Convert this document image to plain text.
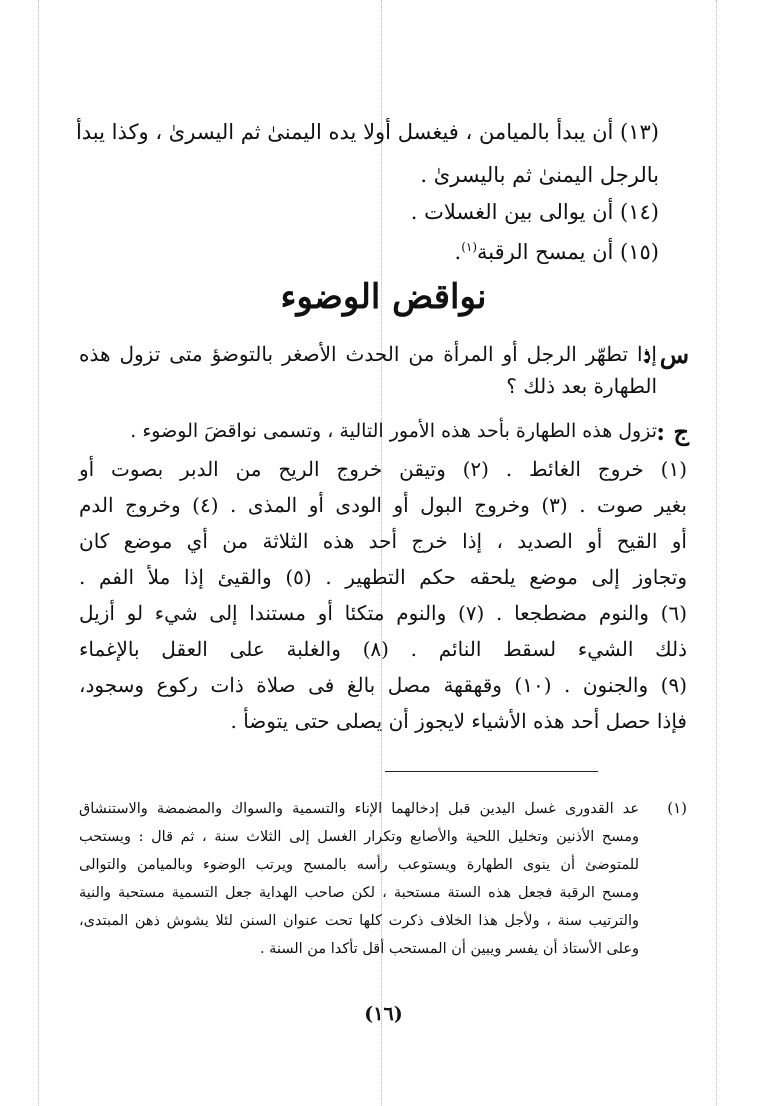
(١٣) أن يبدأ بالميامن ، فيغسل أولا يده اليمنىٰ ثم اليسرىٰ ، وكذا يبدأ
بالرجل اليمنىٰ ثم باليسرىٰ .
(١٤) أن يوالى بين الغسلات .
(١٥) أن يمسح الرقبة$^{(١)}$.
نواقض الوضوء
س :
إذا تطهّر الرجل أو المرأة من الحدث الأصغر بالتوضؤ متى تزول هذه
الطهارة بعد ذلك ؟
ج :
تزول هذه الطهارة بأحد هذه الأمور التالية ، وتسمى نواقضَ الوضوء .
(١) خروج الغائط . (٢) وتيقن خروج الريح من الدبر بصوت أو
بغير صوت . (٣) وخروج البول أو الودى أو المذى . (٤) وخروج الدم
أو القيح أو الصديد ، إذا خرج أحد هذه الثلاثة من أي موضع كان
وتجاوز إلى موضع يلحقه حكم التطهير . (٥) والقيئ إذا ملأ الفم .
(٦) والنوم مضطجعا . (٧) والنوم متكئا أو مستندا إلى شيء لو أزيل
ذلك الشيء لسقط النائم . (٨) والغلبة على العقل بالإغماء
(٩) والجنون . (١٠) وقهقهة مصل بالغ فى صلاة ذات ركوع وسجود،
فإذا حصل أحد هذه الأشياء لايجوز أن يصلى حتى يتوضأ .
(١)
عد القدورى غسل اليدين قبل إدخالهما الإناء والتسمية والسواك والمضمضة والاستنشاق
ومسح الأذنين وتخليل اللحية والأصابع وتكرار الغسل إلى الثلاث سنة ، ثم قال : ويستحب
للمتوضئ أن ينوى الطهارة ويستوعب رأسه بالمسح ويرتب الوضوء وبالميامن والتوالى
ومسح الرقبة فجعل هذه الستة مستحبة ، لكن صاحب الهداية جعل التسمية مستحبة والنية
والترتيب سنة ، ولأجل هذا الخلاف ذكرت كلها تحت عنوان السنن لئلا يشوش ذهن المبتدى،
وعلى الأستاذ أن يفسر ويبين أن المستحب أقل تأكدا من السنة .
(١٦)
